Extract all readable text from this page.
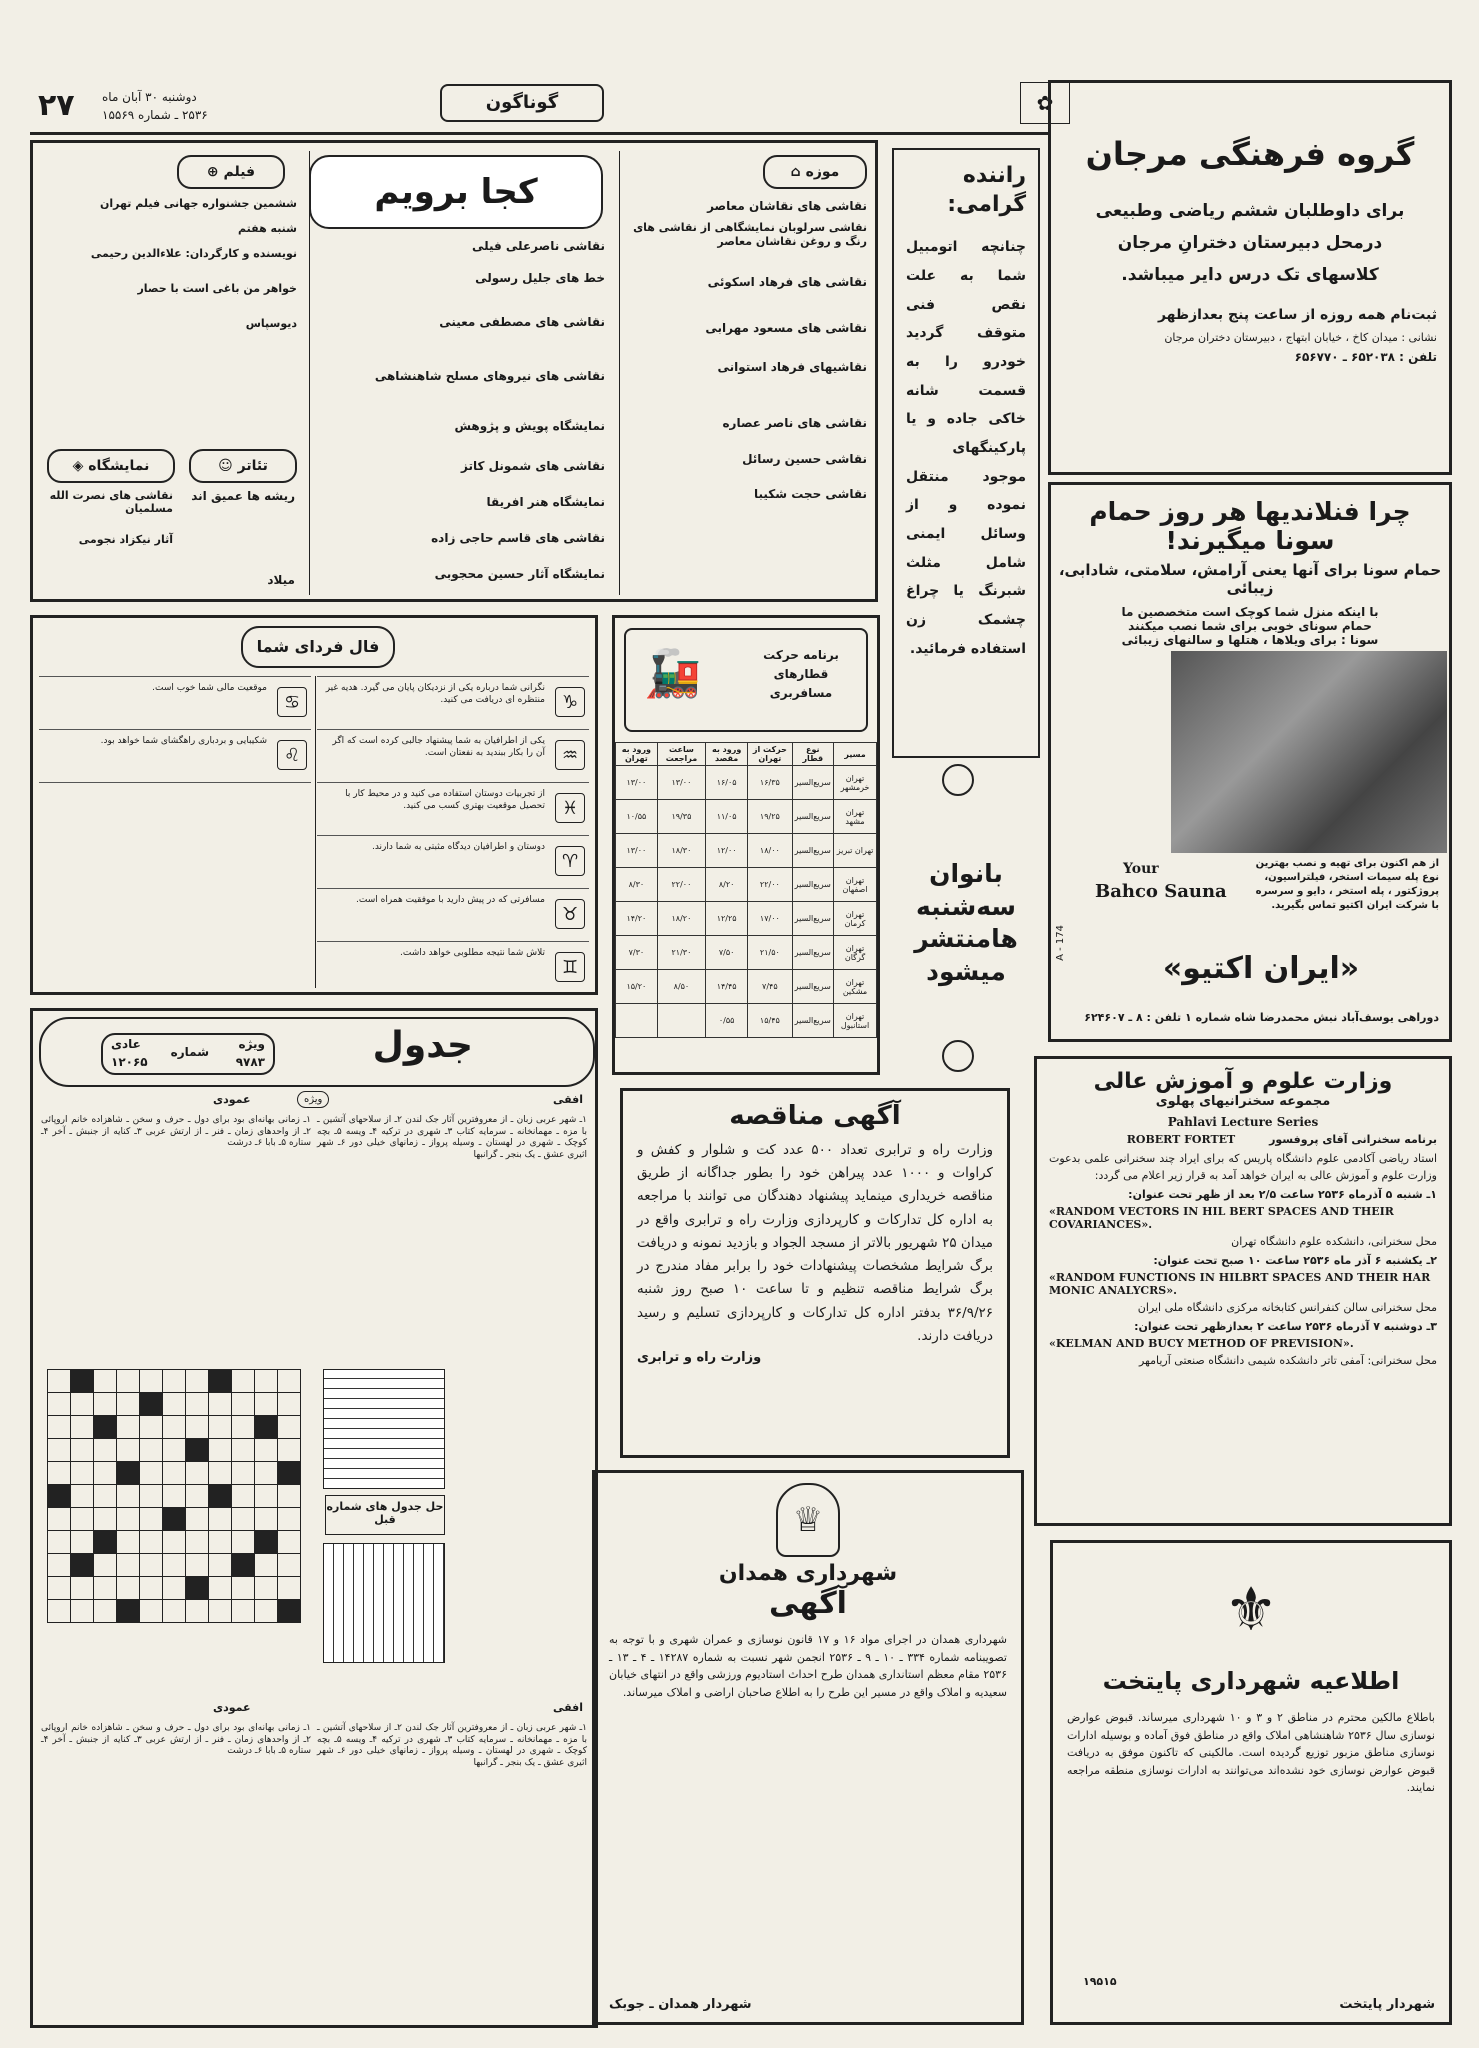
۲۷ دوشنبه ۳۰ آبان ماه
۲۵۳۶ ـ شماره ۱۵۵۶۹
گوناگون	✿
گروه فرهنگی مرجان
برای داوطلبان ششم ریاضی وطبیعی
درمحل دبیرستان دخترانِ مرجان
کلاسهای تک درس دایر میباشد.
ثبت‌نام همه روزه از ساعت پنج بعدازظهر
نشانی : میدان کاخ ، خیابان ابتهاج ، دبیرستان دختران مرجان
تلفن : ۶۵۲۰۳۸ ـ ۶۵۶۷۷۰
چرا فنلاندیها هر روز حمام سونا میگیرند!
حمام سونا برای آنها یعنی آرامش، سلامتی، شادابی، زیبائی
با اینکه منزل شما کوچک است متخصصین ما
حمام سونای خوبی برای شما نصب میکنند
سونا : برای ویلاها ، هتلها و سالنهای زیبائی
Your
Bahco Sauna
از هم اکنون برای تهیه و نصب بهترین نوع پله سیمات استخر، فیلتراسیون، پروژکتور ، پله استخر ، دایو و سرسره با شرکت ایران اکتیو تماس بگیرید.
A - 174
«ایران اکتیو»
دوراهی یوسف‌آباد نبش محمدرضا شاه شماره ۱ تلفن : ۸ ـ ۶۲۴۶۰۷
موزه ⌂
نقاشی های نقاشان معاصر
نقاشی سرلوبان نمایشگاهی از نقاشی های رنگ و روغن نقاشان معاصر
نقاشی های فرهاد اسکوئی
نقاشی های مسعود مهرابی
نقاشیهای فرهاد استوانی
نقاشی های ناصر عصاره
نقاشی حسین رسائل
نقاشی حجت شکیبا
کجا برویم
نقاشی ناصرعلی فیلی
خط های جلیل رسولی
نقاشی های مصطفی معینی
نقاشی های نیروهای مسلح شاهنشاهی
نمایشگاه پویش و پژوهش
نقاشی های شمونل کاتز
نمایشگاه هنر افریقا
نقاشی های قاسم حاجی زاده
نمایشگاه آثار حسین محجوبی
فیلم ⊕
ششمین جشنواره جهانی فیلم تهران
شنبه هفتم
نویسنده و کارگردان: علاءالدین رحیمی
خواهر من باغی است با حصار
دیوسپاس
تئاتر ☺
نمایشگاه ◈
ریشه ها عمیق اند
نقاشی های نصرت الله مسلمیان
آثار نیکزاد نجومی
میلاد
راننده گرامی:
چنانچه اتومبیل شما به علت نقص فنی متوقف گردید خودرو را به قسمت شانه خاکی جاده و یا پارکینگهای موجود منتقل نموده و از وسائل ایمنی شامل مثلث شبرنگ یا چراغ چشمک زن استفاده فرمائید.
بانوان سه‌شنبه هامنتشر میشود
فال فردای شما
♑
نگرانی شما درباره یکی از نزدیکان پایان می گیرد. هدیه غیر منتظره ای دریافت می کنید.
♒
یکی از اطرافیان به شما پیشنهاد جالبی کرده است که اگر آن را بکار ببندید به نفعتان است.
♓
از تجربیات دوستان استفاده می کنید و در محیط کار با تحصیل موقعیت بهتری کسب می کنید.
♈
دوستان و اطرافیان دیدگاه مثبتی به شما دارند.
♉
مسافرتی که در پیش دارید با موفقیت همراه است.
♊
تلاش شما نتیجه مطلوبی خواهد داشت.
♋
موقعیت مالی شما خوب است.
♌
شکیبایی و بردباری راهگشای شما خواهد بود.
🚂	برنامه حرکت قطارهای مسافربری
مسیر	نوع قطار	حرکت از تهران	ورود به مقصد	ساعت مراجعت	ورود به تهران
تهران خرمشهر	سریع‌السیر	۱۶/۳۵	۱۶/۰۵	۱۳/۰۰	۱۳/۰۰
تهران مشهد	سریع‌السیر	۱۹/۲۵	۱۱/۰۵	۱۹/۳۵	۱۰/۵۵
تهران تبریز	سریع‌السیر	۱۸/۰۰	۱۲/۰۰	۱۸/۳۰	۱۳/۰۰
تهران اصفهان	سریع‌السیر	۲۲/۰۰	۸/۲۰	۲۲/۰۰	۸/۳۰
تهران کرمان	سریع‌السیر	۱۷/۰۰	۱۲/۲۵	۱۸/۲۰	۱۴/۲۰
تهران گرگان	سریع‌السیر	۲۱/۵۰	۷/۵۰	۲۱/۳۰	۷/۳۰
تهران مشکین	سریع‌السیر	۷/۴۵	۱۴/۴۵	۸/۵۰	۱۵/۲۰
تهران استانبول	سریع‌السیر	۱۵/۴۵	۰/۵۵		
جدول
ویژه
شماره
عادی
۹۷۸۳
۱۲۰۶۵
افقی
عمودی	ویژه
۱ـ شهر عربی زبان ـ از معروفترین آثار جک لندن ۲ـ از سلاحهای آتشین ـ با مزه ـ مهمانخانه ـ سرمایه کتاب ۳ـ شهری در ترکیه ۴ـ ویسه ۵ـ بچه کوچک ـ شهری در لهستان ـ وسیله پرواز ـ زمانهای خیلی دور ۶ـ شهر اثیری عشق ـ یک بنجر ـ گرانبها
۱ـ زمانی بهانه‌ای بود برای دول ـ حرف و سخن ـ شاهزاده خانم اروپائی ۲ـ از واحدهای زمان ـ فنر ـ از ارتش عربی ۳ـ کنایه از جنبش ـ آخر ۴ـ ستاره ۵ـ بابا ۶ـ درشت
حل جدول های شماره قبل

افقی
عمودی
۱ـ شهر عربی زبان ـ از معروفترین آثار جک لندن ۲ـ از سلاحهای آتشین ـ با مزه ـ مهمانخانه ـ سرمایه کتاب ۳ـ شهری در ترکیه ۴ـ ویسه ۵ـ بچه کوچک ـ شهری در لهستان ـ وسیله پرواز ـ زمانهای خیلی دور ۶ـ شهر اثیری عشق ـ یک بنجر ـ گرانبها
۱ـ زمانی بهانه‌ای بود برای دول ـ حرف و سخن ـ شاهزاده خانم اروپائی ۲ـ از واحدهای زمان ـ فنر ـ از ارتش عربی ۳ـ کنایه از جنبش ـ آخر ۴ـ ستاره ۵ـ بابا ۶ـ درشت
آگهی مناقصه
وزارت راه و ترابری تعداد ۵۰۰ عدد کت و شلوار و کفش و کراوات و ۱۰۰۰ عدد پیراهن خود را بطور جداگانه از طریق مناقصه خریداری مینماید پیشنهاد دهندگان می توانند با مراجعه به اداره کل تدارکات و کارپردازی وزارت راه و ترابری واقع در میدان ۲۵ شهریور بالاتر از مسجد الجواد و بازدید نمونه و دریافت برگ شرایط مشخصات پیشنهادات خود را برابر مفاد مندرج در برگ شرایط مناقصه تنظیم و تا ساعت ۱۰ صبح روز شنبه ۳۶/۹/۲۶ بدفتر اداره کل تدارکات و کارپردازی تسلیم و رسید دریافت دارند.
وزارت راه و ترابری
♕
شهرداری همدان
آگهی
شهرداری همدان در اجرای مواد ۱۶ و ۱۷ قانون نوسازی و عمران شهری و با توجه به تصویبنامه شماره ۳۳۴ ـ ۱۰ ـ ۹ ـ ۲۵۳۶ انجمن شهر نسبت به شماره ۱۴۲۸۷ ـ ۴ ـ ۱۳ ـ ۲۵۳۶ مقام معظم استانداری همدان طرح احداث استادیوم ورزشی واقع در انتهای خیابان سعیدیه و املاک واقع در مسیر این طرح را به اطلاع صاحبان اراضی و املاک میرساند.
شهردار همدان ـ جوبک
وزارت علوم و آموزش عالی
مجموعه سخنرانیهای پهلوی
Pahlavi Lecture Series
برنامه سخنرانی آقای پروفسور ROBERT FORTET
استاد ریاضی آکادمی علوم دانشگاه پاریس که برای ایراد چند سخنرانی علمی بدعوت وزارت علوم و آموزش عالی به ایران خواهد آمد به قرار زیر اعلام می گردد:
۱ـ شنبه ۵ آذرماه ۲۵۳۶ ساعت ۲/۵ بعد از ظهر تحت عنوان:
«RANDOM VECTORS IN HIL BERT SPACES AND THEIR COVARIANCES».
محل سخنرانی، دانشکده علوم دانشگاه تهران
۲ـ یکشنبه ۶ آذر ماه ۲۵۳۶ ساعت ۱۰ صبح تحت عنوان:
«RANDOM FUNCTIONS IN HILBRT SPACES AND THEIR HAR MONIC ANALYCRS».
محل سخنرانی سالن کنفرانس کتابخانه مرکزی دانشگاه ملی ایران
۳ـ دوشنبه ۷ آذرماه ۲۵۳۶ ساعت ۲ بعدازظهر تحت عنوان:
«KELMAN AND BUCY METHOD OF PREVISION».
محل سخنرانی: آمفی تاتر دانشکده شیمی دانشگاه صنعتی آریامهر
⚜
اطلاعیه شهرداری پایتخت
باطلاع مالکین محترم در مناطق ۲ و ۳ و ۱۰ شهرداری میرساند. قبوض عوارض نوسازی سال ۲۵۳۶ شاهنشاهی املاک واقع در مناطق فوق آماده و بوسیله ادارات نوسازی مناطق مزبور توزیع گردیده است. مالکینی که تاکنون موفق به دریافت قبوض عوارض نوسازی خود نشده‌اند می‌توانند به ادارات نوسازی منطقه مراجعه نمایند.
۱۹۵۱۵
شهردار پایتخت
